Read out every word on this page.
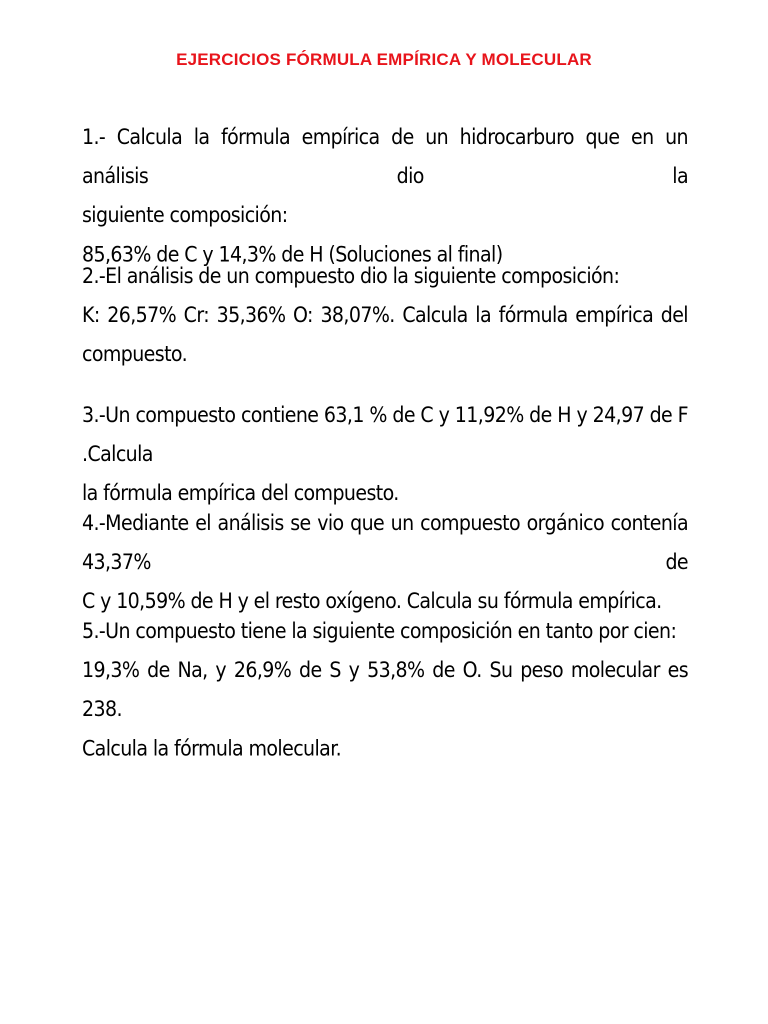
EJERCICIOS FÓRMULA EMPÍRICA Y MOLECULAR
1.- Calcula la fórmula empírica de un hidrocarburo que en un análisis dio la
siguiente composición:
85,63% de C y 14,3% de H (Soluciones al final)
2.-El análisis de un compuesto dio la siguiente composición:
K: 26,57% Cr: 35,36% O: 38,07%. Calcula la fórmula empírica del
compuesto.
3.-Un compuesto contiene 63,1 % de C y 11,92% de H y 24,97 de F .Calcula
la fórmula empírica del compuesto.
4.-Mediante el análisis se vio que un compuesto orgánico contenía 43,37% de
C y 10,59% de H y el resto oxígeno. Calcula su fórmula empírica.
5.-Un compuesto tiene la siguiente composición en tanto por cien:
19,3% de Na, y 26,9% de S y 53,8% de O. Su peso molecular es 238.
Calcula la fórmula molecular.
